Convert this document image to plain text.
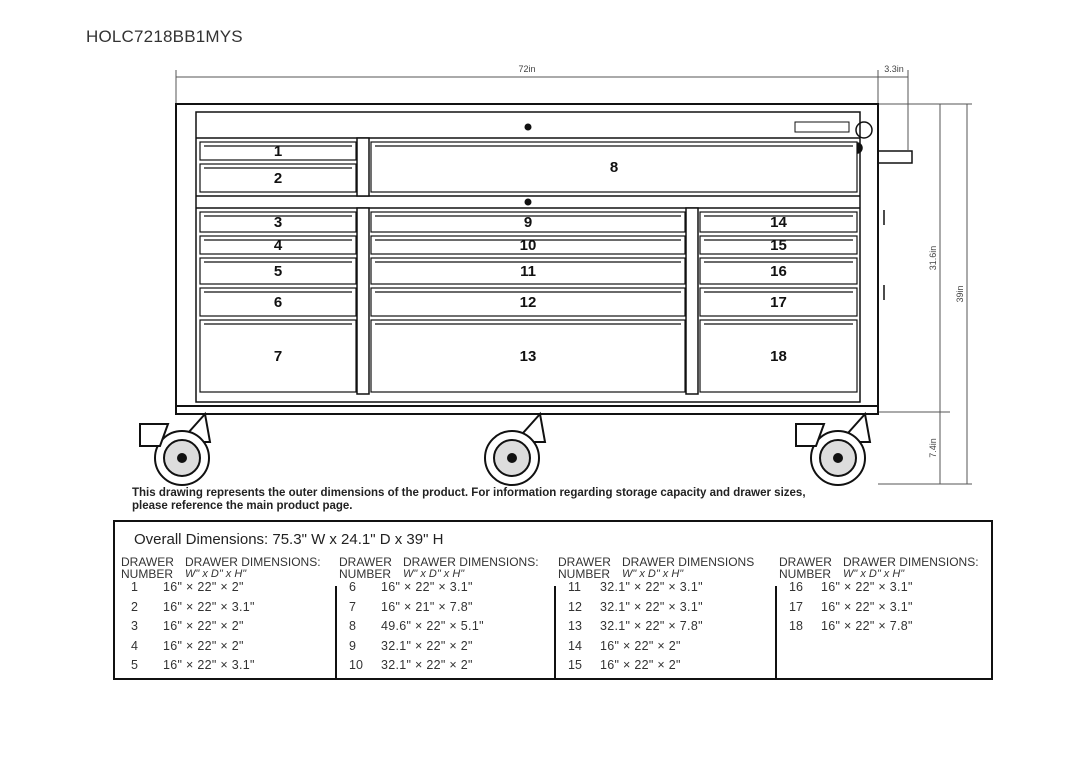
HOLC7218BB1MYS
72in	3.3in
31.6in
39in
7.4in
1
2
8
3
4
5
6
7
9
10
11
12
13
14
15
16
17
18
This drawing represents the outer dimensions of the product. For information regarding storage capacity and drawer sizes,
please reference the main product page.
Overall Dimensions: 75.3" W x 24.1" D x 39" H
DRAWER
NUMBER
DRAWER DIMENSIONS:
W" x D" x H"
1	16" × 22" × 2"
2	16" × 22" × 3.1"
3	16" × 22" × 2"
4	16" × 22" × 2"
5	16" × 22" × 3.1"
DRAWER
NUMBER
DRAWER DIMENSIONS:
W" x D" x H"
6	16" × 22" × 3.1"
7	16" × 21" × 7.8"
8	49.6" × 22" × 5.1"
9	32.1" × 22" × 2"
10	32.1" × 22" × 2"
DRAWER
NUMBER
DRAWER DIMENSIONS
W" x D" x H"
11	32.1" × 22" × 3.1"
12	32.1" × 22" × 3.1"
13	32.1" × 22" × 7.8"
14	16" × 22" × 2"
15	16" × 22" × 2"
DRAWER
NUMBER
DRAWER DIMENSIONS:
W" x D" x H"
16	16" × 22" × 3.1"
17	16" × 22" × 3.1"
18	16" × 22" × 7.8"
